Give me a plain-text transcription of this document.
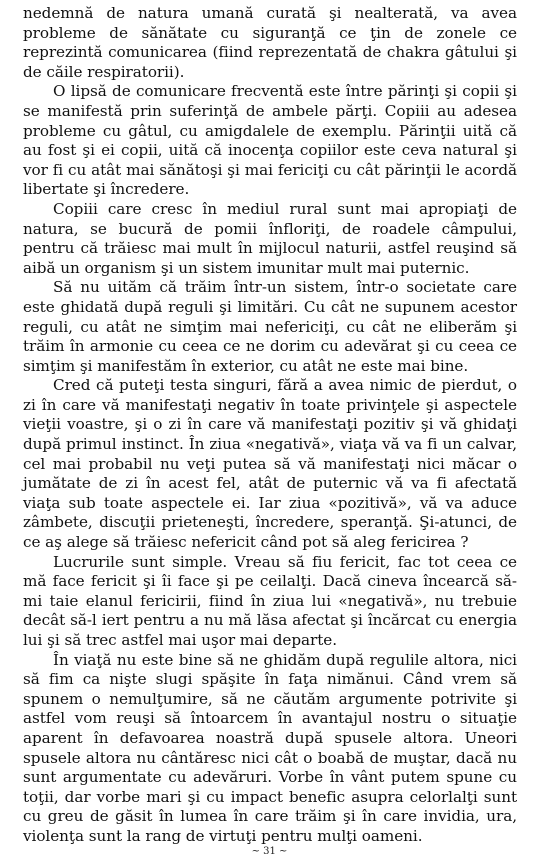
nedemnă de natura umană curată şi nealterată, va avea probleme de sănătate cu siguranţă ce ţin de zonele ce reprezintă comunicarea (fiind reprezentată de chakra gâtului şi de căile respiratorii).

O lipsă de comunicare frecventă este între părinţi şi copii şi se manifestă prin suferinţă de ambele părţi. Copiii au adesea probleme cu gâtul, cu amigdalele de exemplu. Părinţii uită că au fost şi ei copii, uită că inocenţa copiilor este ceva natural şi vor fi cu atât mai sănătoşi şi mai fericiţi cu cât părinţii le acordă libertate şi încredere.

Copiii care cresc în mediul rural sunt mai apropiaţi de natura, se bucură de pomii înfloriţi, de roadele câmpului, pentru că trăiesc mai mult în mijlocul naturii, astfel reuşind să aibă un organism şi un sistem imunitar mult mai puternic.

Să nu uităm că trăim într-un sistem, într-o societate care este ghidată după reguli şi limitări. Cu cât ne supunem acestor reguli, cu atât ne simţim mai nefericiţi, cu cât ne eliberăm şi trăim în armonie cu ceea ce ne dorim cu adevărat şi cu ceea ce simţim şi manifestăm în exterior, cu atât ne este mai bine.

Cred că puteţi testa singuri, fără a avea nimic de pierdut, o zi în care vă manifestaţi negativ în toate privinţele şi aspectele vieţii voastre, şi o zi în care vă manifestaţi pozitiv şi vă ghidaţi după primul instinct. În ziua «negativă», viaţa vă va fi un calvar, cel mai probabil nu veţi putea să vă manifestaţi nici măcar o jumătate de zi în acest fel, atât de puternic vă va fi afectată viaţa sub toate aspectele ei. Iar ziua «pozitivă», vă va aduce zâmbete, discuţii prieteneşti, încredere, speranţă. Şi-atunci, de ce aş alege să trăiesc nefericit când pot să aleg fericirea ?

Lucrurile sunt simple. Vreau să fiu fericit, fac tot ceea ce mă face fericit şi îi face şi pe ceilalţi. Dacă cineva încearcă să-mi taie elanul fericirii, fiind în ziua lui «negativă», nu trebuie decât să-l iert pentru a nu mă lăsa afectat şi încărcat cu energia lui şi să trec astfel mai uşor mai departe.

În viaţă nu este bine să ne ghidăm după regulile altora, nici să fim ca nişte slugi spăşite în faţa nimănui. Când vrem să spunem o nemulţumire, să ne căutăm argumente potrivite şi astfel vom reuşi să întoarcem în avantajul nostru o situaţie aparent în defavoarea noastră după spusele altora. Uneori spusele altora nu cântăresc nici cât o boabă de muştar, dacă nu sunt argumentate cu adevăruri. Vorbe în vânt putem spune cu toţii, dar vorbe mari şi cu impact benefic asupra celorlalţi sunt cu greu de găsit în lumea în care trăim şi în care invidia, ura, violenţa sunt la rang de virtuţi pentru mulţi oameni.

~ 31 ~
